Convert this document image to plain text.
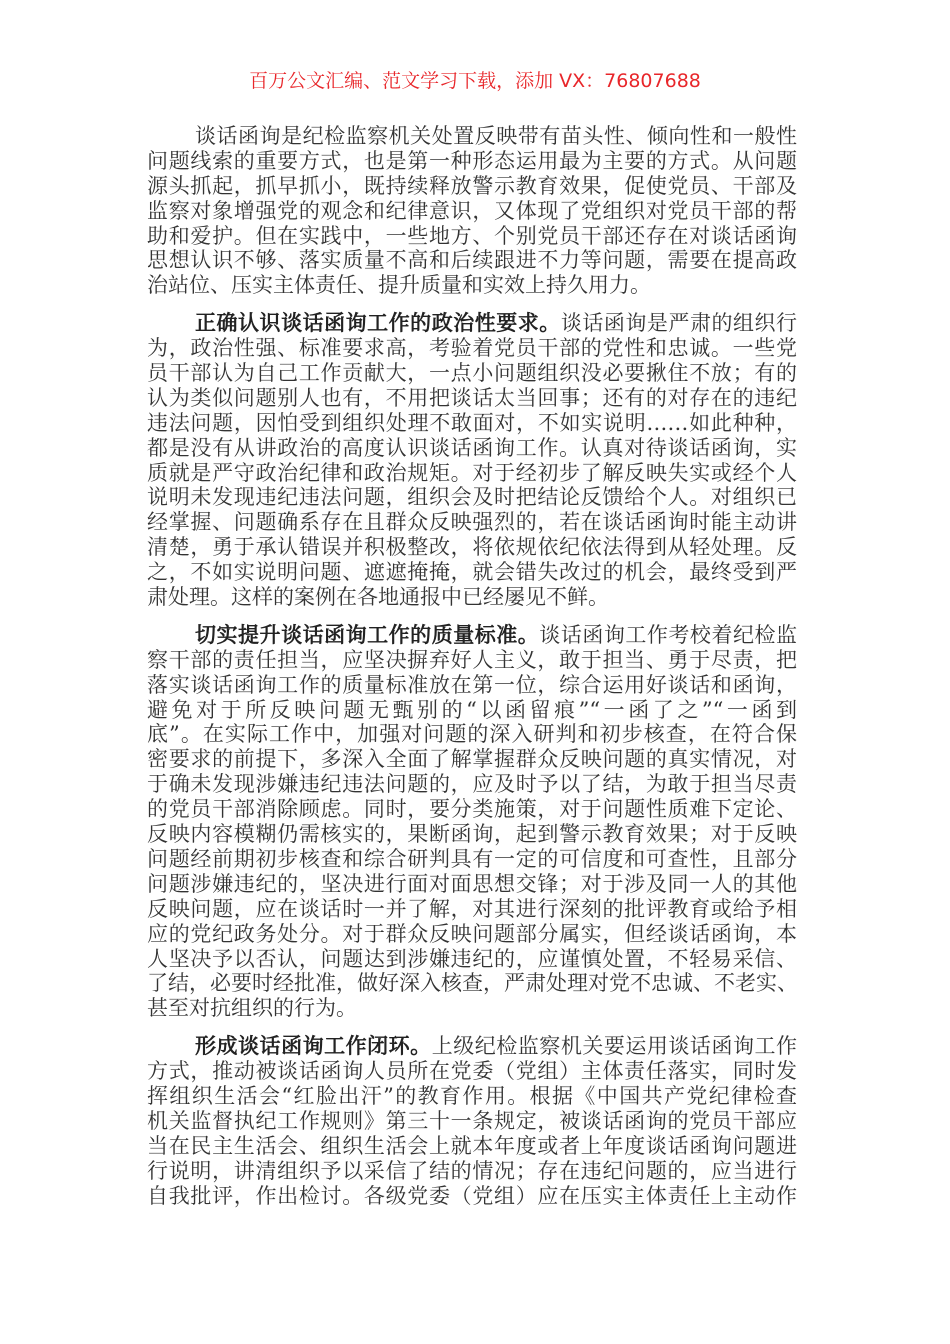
百万公文汇编、范文学习下载，添加 VX：76807688
谈话函询是纪检监察机关处置反映带有苗头性、倾向性和一般性
问题线索的重要方式，也是第一种形态运用最为主要的方式。从问题
源头抓起，抓早抓小，既持续释放警示教育效果，促使党员、干部及
监察对象增强党的观念和纪律意识，又体现了党组织对党员干部的帮
助和爱护。但在实践中，一些地方、个别党员干部还存在对谈话函询
思想认识不够、落实质量不高和后续跟进不力等问题，需要在提高政
治站位、压实主体责任、提升质量和实效上持久用力。
正确认识谈话函询工作的政治性要求。谈话函询是严肃的组织行
为，政治性强、标准要求高，考验着党员干部的党性和忠诚。一些党
员干部认为自己工作贡献大，一点小问题组织没必要揪住不放；有的
认为类似问题别人也有，不用把谈话太当回事；还有的对存在的违纪
违法问题，因怕受到组织处理不敢面对，不如实说明……如此种种，
都是没有从讲政治的高度认识谈话函询工作。认真对待谈话函询，实
质就是严守政治纪律和政治规矩。对于经初步了解反映失实或经个人
说明未发现违纪违法问题，组织会及时把结论反馈给个人。对组织已
经掌握、问题确系存在且群众反映强烈的，若在谈话函询时能主动讲
清楚，勇于承认错误并积极整改，将依规依纪依法得到从轻处理。反
之，不如实说明问题、遮遮掩掩，就会错失改过的机会，最终受到严
肃处理。这样的案例在各地通报中已经屡见不鲜。
切实提升谈话函询工作的质量标准。谈话函询工作考校着纪检监
察干部的责任担当，应坚决摒弃好人主义，敢于担当、勇于尽责，把
落实谈话函询工作的质量标准放在第一位，综合运用好谈话和函询，
避免对于所反映问题无甄别的“以函留痕”“一函了之”“一函到
底”。在实际工作中，加强对问题的深入研判和初步核查，在符合保
密要求的前提下，多深入全面了解掌握群众反映问题的真实情况，对
于确未发现涉嫌违纪违法问题的，应及时予以了结，为敢于担当尽责
的党员干部消除顾虑。同时，要分类施策，对于问题性质难下定论、
反映内容模糊仍需核实的，果断函询，起到警示教育效果；对于反映
问题经前期初步核查和综合研判具有一定的可信度和可查性，且部分
问题涉嫌违纪的，坚决进行面对面思想交锋；对于涉及同一人的其他
反映问题，应在谈话时一并了解，对其进行深刻的批评教育或给予相
应的党纪政务处分。对于群众反映问题部分属实，但经谈话函询，本
人坚决予以否认，问题达到涉嫌违纪的，应谨慎处置，不轻易采信、
了结，必要时经批准，做好深入核查，严肃处理对党不忠诚、不老实、
甚至对抗组织的行为。
形成谈话函询工作闭环。上级纪检监察机关要运用谈话函询工作
方式，推动被谈话函询人员所在党委（党组）主体责任落实，同时发
挥组织生活会“红脸出汗”的教育作用。根据《中国共产党纪律检查
机关监督执纪工作规则》第三十一条规定，被谈话函询的党员干部应
当在民主生活会、组织生活会上就本年度或者上年度谈话函询问题进
行说明，讲清组织予以采信了结的情况；存在违纪问题的，应当进行
自我批评，作出检讨。各级党委（党组）应在压实主体责任上主动作
